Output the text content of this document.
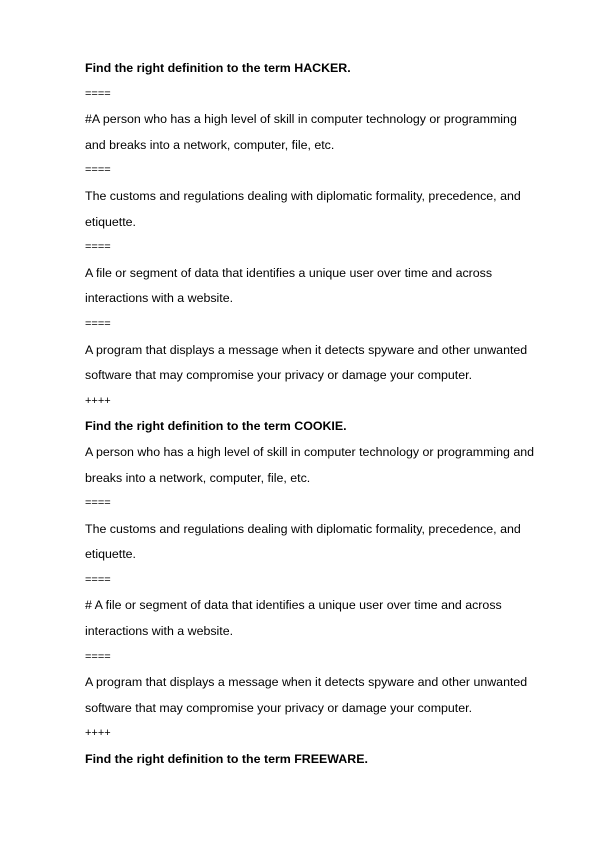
Find the right definition to the term HACKER.
====
#A person who has a high level of skill in computer technology or programming
and breaks into a network, computer, file, etc.
====
The customs and regulations dealing with diplomatic formality, precedence, and
etiquette.
====
A file or segment of data that identifies a unique user over time and across
interactions with a website.
====
A program that displays a message when it detects spyware and other unwanted
software that may compromise your privacy or damage your computer.
++++
Find the right definition to the term COOKIE.
A person who has a high level of skill in computer technology or programming and
breaks into a network, computer, file, etc.
====
The customs and regulations dealing with diplomatic formality, precedence, and
etiquette.
====
# A file or segment of data that identifies a unique user over time and across
interactions with a website.
====
A program that displays a message when it detects spyware and other unwanted
software that may compromise your privacy or damage your computer.
++++
Find the right definition to the term FREEWARE.
